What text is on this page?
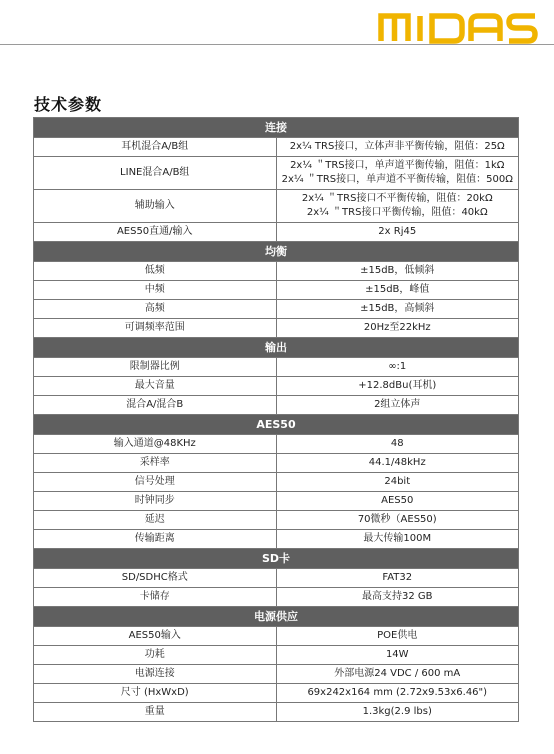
技术参数
连接	
耳机混合A/B组	2x¼ TRS接口，立体声非平衡传输，阻值：25Ω

LINE混合A/B组	2x¼ ＂TRS接口，单声道平衡传输，阻值：1kΩ
2x¼ ＂TRS接口，单声道不平衡传输，阻值：500Ω

辅助输入	2x¼ ＂TRS接口不平衡传输，阻值：20kΩ
2x¼ ＂TRS接口平衡传输，阻值：40kΩ

AES50直通/输入	2x Rj45

均衡	
低频	±15dB，低倾斜

中频	±15dB，峰值

高频	±15dB，高倾斜

可调频率范围	20Hz至22kHz

输出	
限制器比例	∞:1

最大音量	+12.8dBu(耳机)

混合A/混合B	2组立体声

AES50	
输入通道@48KHz	48

采样率	44.1/48kHz

信号处理	24bit

时钟同步	AES50

延迟	70微秒（AES50)

传输距离	最大传输100M

SD卡	
SD/SDHC格式	FAT32

卡储存	最高支持32 GB

电源供应	
AES50输入	POE供电

功耗	14W

电源连接	外部电源24 VDC / 600 mA

尺寸 (HxWxD)	69x242x164 mm (2.72x9.53x6.46")

重量	1.3kg(2.9 lbs)
